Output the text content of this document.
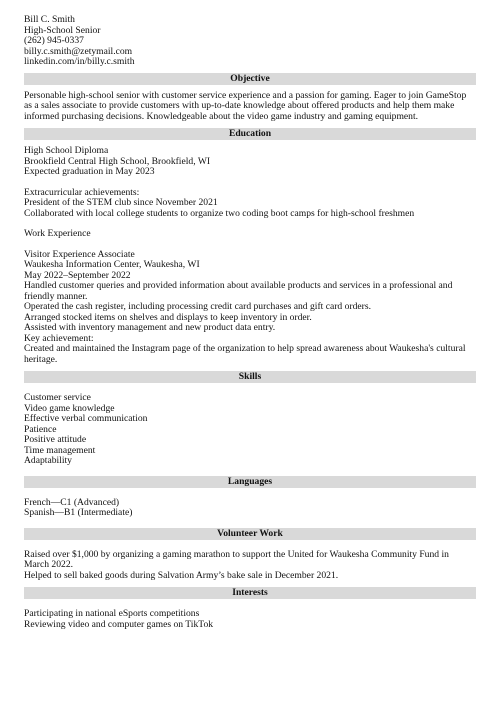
Bill C. Smith
High-School Senior
(262) 945-0337
billy.c.smith@zetymail.com
linkedin.com/in/billy.c.smith
Objective
Personable high-school senior with customer service experience and a passion for gaming. Eager to join GameStop as a sales associate to provide customers with up-to-date knowledge about offered products and help them make informed purchasing decisions. Knowledgeable about the video game industry and gaming equipment.
Education
High School Diploma
Brookfield Central High School, Brookfield, WI
Expected graduation in May 2023
Extracurricular achievements:
President of the STEM club since November 2021
Collaborated with local college students to organize two coding boot camps for high-school freshmen
Work Experience
Visitor Experience Associate
Waukesha Information Center, Waukesha, WI
May 2022–September 2022
Handled customer queries and provided information about available products and services in a professional and friendly manner.
Operated the cash register, including processing credit card purchases and gift card orders.
Arranged stocked items on shelves and displays to keep inventory in order.
Assisted with inventory management and new product data entry.
Key achievement:
Created and maintained the Instagram page of the organization to help spread awareness about Waukesha's cultural heritage.
Skills
Customer service
Video game knowledge
Effective verbal communication
Patience
Positive attitude
Time management
Adaptability
Languages
French—C1 (Advanced)
Spanish—B1 (Intermediate)
Volunteer Work
Raised over $1,000 by organizing a gaming marathon to support the United for Waukesha Community Fund in March 2022.
Helped to sell baked goods during Salvation Army’s bake sale in December 2021.
Interests
Participating in national eSports competitions
Reviewing video and computer games on TikTok
